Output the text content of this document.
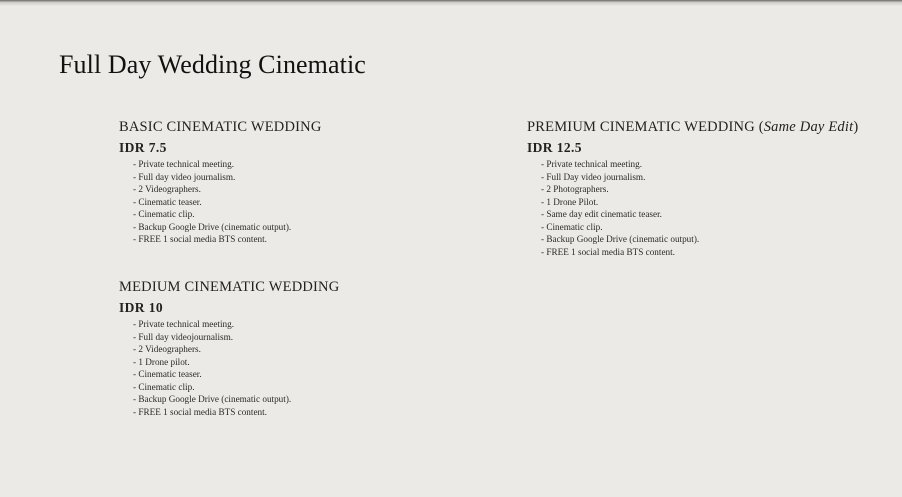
Full Day Wedding Cinematic
BASIC CINEMATIC WEDDING
IDR 7.5
- Private technical meeting.
- Full day video journalism.
- 2 Videographers.
- Cinematic teaser.
- Cinematic clip.
- Backup Google Drive (cinematic output).
- FREE 1 social media BTS content.
MEDIUM CINEMATIC WEDDING
IDR 10
- Private technical meeting.
- Full day videojournalism.
- 2 Videographers.
- 1 Drone pilot.
- Cinematic teaser.
- Cinematic clip.
- Backup Google Drive (cinematic output).
- FREE 1 social media BTS content.
PREMIUM CINEMATIC WEDDING (Same Day Edit)
IDR 12.5
- Private technical meeting.
- Full Day video journalism.
- 2 Photographers.
- 1 Drone Pilot.
- Same day edit cinematic teaser.
- Cinematic clip.
- Backup Google Drive (cinematic output).
- FREE 1 social media BTS content.
